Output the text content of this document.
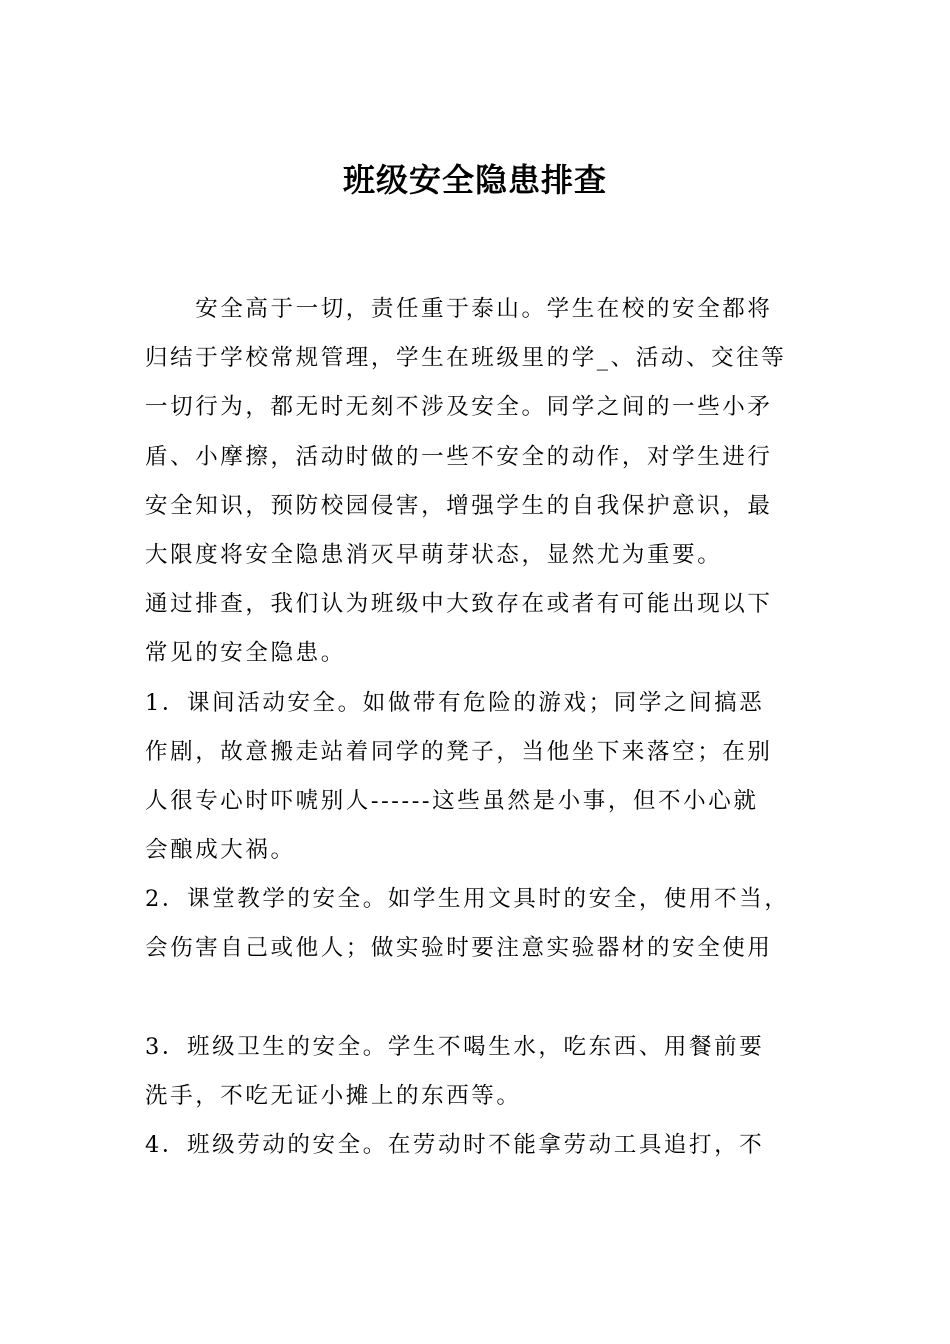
班级安全隐患排查
　　安全高于一切，责任重于泰山。学生在校的安全都将
归结于学校常规管理，学生在班级里的学_、活动、交往等
一切行为，都无时无刻不涉及安全。同学之间的一些小矛
盾、小摩擦，活动时做的一些不安全的动作，对学生进行
安全知识，预防校园侵害，增强学生的自我保护意识，最
大限度将安全隐患消灭早萌芽状态，显然尤为重要。
通过排查，我们认为班级中大致存在或者有可能出现以下
常见的安全隐患。
1．课间活动安全。如做带有危险的游戏；同学之间搞恶
作剧，故意搬走站着同学的凳子，当他坐下来落空；在别
人很专心时吓唬别人------这些虽然是小事，但不小心就
会酿成大祸。
2．课堂教学的安全。如学生用文具时的安全，使用不当，
会伤害自己或他人；做实验时要注意实验器材的安全使用
3．班级卫生的安全。学生不喝生水，吃东西、用餐前要
洗手，不吃无证小摊上的东西等。
4．班级劳动的安全。在劳动时不能拿劳动工具追打，不
